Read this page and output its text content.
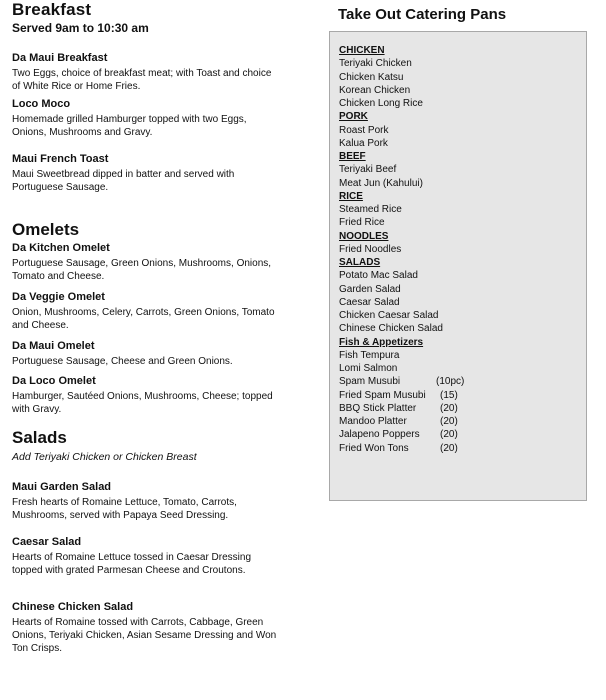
Breakfast
Served 9am to 10:30 am
Da Maui Breakfast
Two Eggs, choice of breakfast meat; with Toast and choice of White Rice or Home Fries.
Loco Moco
Homemade grilled Hamburger topped with two Eggs, Onions, Mushrooms and Gravy.
Maui French Toast
Maui Sweetbread dipped in batter and served with Portuguese Sausage.
Omelets
Da Kitchen Omelet
Portuguese Sausage, Green Onions, Mushrooms, Onions, Tomato and Cheese.
Da Veggie Omelet
Onion, Mushrooms, Celery, Carrots, Green Onions, Tomato and Cheese.
Da Maui Omelet
Portuguese Sausage, Cheese and Green Onions.
Da Loco Omelet
Hamburger, Sautéed Onions, Mushrooms, Cheese; topped with Gravy.
Salads
Add Teriyaki Chicken or Chicken Breast
Maui Garden Salad
Fresh hearts of Romaine Lettuce, Tomato, Carrots, Mushrooms, served with Papaya Seed Dressing.
Caesar Salad
Hearts of Romaine Lettuce tossed in Caesar Dressing topped with grated Parmesan Cheese and Croutons.
Chinese Chicken Salad
Hearts of Romaine tossed with Carrots, Cabbage, Green Onions, Teriyaki Chicken, Asian Sesame Dressing and Won Ton Crisps.
Take Out Catering Pans
CHICKEN
Teriyaki Chicken
Chicken Katsu
Korean Chicken
Chicken Long Rice
PORK
Roast Pork
Kalua Pork
BEEF
Teriyaki Beef
Meat Jun (Kahului)
RICE
Steamed Rice
Fried Rice
NOODLES
Fried Noodles
SALADS
Potato Mac Salad
Garden Salad
Caesar Salad
Chicken Caesar Salad
Chinese Chicken Salad
Fish & Appetizers
Fish Tempura
Lomi Salmon
Spam Musubi	(10pc)
Fried Spam Musubi (15)
BBQ Stick Platter (20)
Mandoo Platter	(20)
Jalapeno Poppers (20)
Fried Won Tons	(20)
